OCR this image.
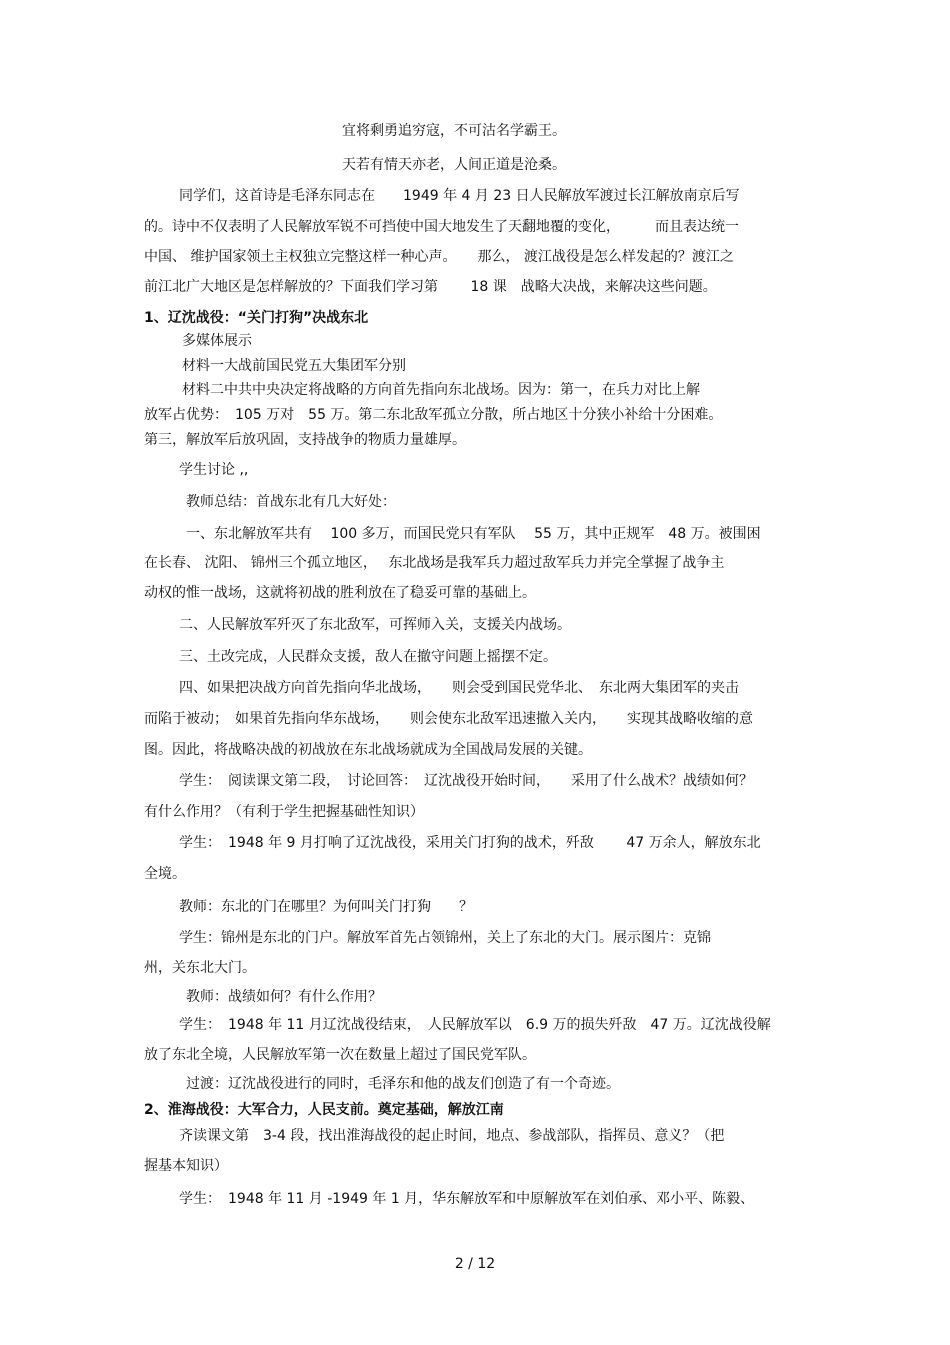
宜将剩勇追穷寇，不可沽名学霸王。
天若有情天亦老，人间正道是沧桑。
同学们，这首诗是毛泽东同志在　　1949 年 4 月 23 日人民解放军渡过长江解放南京后写
的。诗中不仅表明了人民解放军锐不可挡使中国大地发生了天翻地覆的变化，　　　而且表达统一
中国、 维护国家领土主权独立完整这样一种心声。　　那么， 渡江战役是怎么样发起的？渡江之
前江北广大地区是怎样解放的？下面我们学习第　　 18 课　战略大决战，来解决这些问题。
1、辽沈战役：“关门打狗”决战东北
多媒体展示
材料一大战前国民党五大集团军分别
材料二中共中央决定将战略的方向首先指向东北战场。因为：第一，在兵力对比上解
放军占优势：　105 万对　55 万。第二东北敌军孤立分散，所占地区十分狭小补给十分困难。
第三，解放军后放巩固，支持战争的物质力量雄厚。
学生讨论 ,,
教师总结：首战东北有几大好处：
一、东北解放军共有　 100 多万，而国民党只有军队　 55 万，其中正规军　48 万。被围困
在长春、 沈阳、 锦州三个孤立地区，　 东北战场是我军兵力超过敌军兵力并完全掌握了战争主
动权的惟一战场，这就将初战的胜利放在了稳妥可靠的基础上。
二、人民解放军歼灭了东北敌军，可挥师入关，支援关内战场。
三、土改完成，人民群众支援，敌人在撤守问题上摇摆不定。
四、如果把决战方向首先指向华北战场，　　则会受到国民党华北、　东北两大集团军的夹击
而陷于被动；　如果首先指向华东战场，　　则会使东北敌军迅速撤入关内，　　实现其战略收缩的意
图。因此，将战略决战的初战放在东北战场就成为全国战局发展的关键。
学生：　阅读课文第二段，　讨论回答：　辽沈战役开始时间，　　采用了什么战术？战绩如何？
有什么作用？（有利于学生把握基础性知识）
学生：　1948 年 9 月打响了辽沈战役，采用关门打狗的战术，歼敌　　 47 万余人，解放东北
全境。
教师：东北的门在哪里？为何叫关门打狗　　？
学生：锦州是东北的门户。解放军首先占领锦州，关上了东北的大门。展示图片：克锦
州，关东北大门。
教师：战绩如何？有什么作用？
学生：　1948 年 11 月辽沈战役结束，　人民解放军以　6.9 万的损失歼敌　47 万。辽沈战役解
放了东北全境，人民解放军第一次在数量上超过了国民党军队。
过渡：辽沈战役进行的同时，毛泽东和他的战友们创造了有一个奇迹。
2、淮海战役：大军合力，人民支前。奠定基础，解放江南
齐读课文第　3-4 段，找出淮海战役的起止时间，地点、参战部队，指挥员、意义？（把
握基本知识）
学生：　1948 年 11 月 -1949 年 1 月，华东解放军和中原解放军在刘伯承、邓小平、陈毅、
2 / 12
